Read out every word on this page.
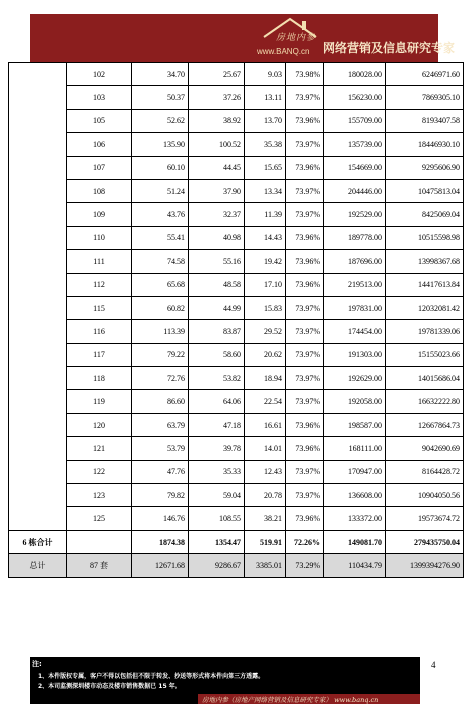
房地内参
www.BANQ.cn 网络营销及信息研究专家
	102	34.70	25.67	9.03	73.98%	180028.00	6246971.60
	103	50.37	37.26	13.11	73.97%	156230.00	7869305.10
	105	52.62	38.92	13.70	73.96%	155709.00	8193407.58
	106	135.90	100.52	35.38	73.97%	135739.00	18446930.10
	107	60.10	44.45	15.65	73.96%	154669.00	9295606.90
	108	51.24	37.90	13.34	73.97%	204446.00	10475813.04
	109	43.76	32.37	11.39	73.97%	192529.00	8425069.04
	110	55.41	40.98	14.43	73.96%	189778.00	10515598.98
	111	74.58	55.16	19.42	73.96%	187696.00	13998367.68
	112	65.68	48.58	17.10	73.96%	219513.00	14417613.84
	115	60.82	44.99	15.83	73.97%	197831.00	12032081.42
	116	113.39	83.87	29.52	73.97%	174454.00	19781339.06
	117	79.22	58.60	20.62	73.97%	191303.00	15155023.66
	118	72.76	53.82	18.94	73.97%	192629.00	14015686.04
	119	86.60	64.06	22.54	73.97%	192058.00	16632222.80
	120	63.79	47.18	16.61	73.96%	198587.00	12667864.73
	121	53.79	39.78	14.01	73.96%	168111.00	9042690.69
	122	47.76	35.33	12.43	73.97%	170947.00	8164428.72
	123	79.82	59.04	20.78	73.97%	136608.00	10904050.56
	125	146.76	108.55	38.21	73.96%	133372.00	19573674.72
6 栋合计		1874.38	1354.47	519.91	72.26%	149081.70	279435750.04
总计	87 套	12671.68	9286.67	3385.01	73.29%	110434.79	1399394276.90
注:
1、本件版权专属，客户不得以包括但不限于转发、抄送等形式将本件向第三方透露。
2、本司监测深圳楼市动态及楼市销售数据已 15 年。
房地内参（房地产网络营销及信息研究专家） www.banq.cn
4
